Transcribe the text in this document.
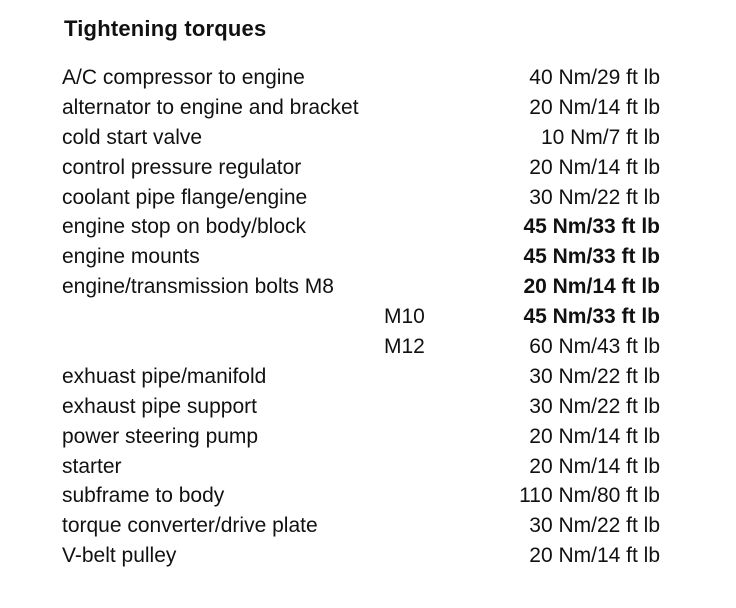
Tightening torques
A/C compressor to engine	40 Nm/29 ft lb
alternator to engine and bracket	20 Nm/14 ft lb
cold start valve	10 Nm/7 ft lb
control pressure regulator	20 Nm/14 ft lb
coolant pipe flange/engine	30 Nm/22 ft lb
engine stop on body/block	45 Nm/33 ft lb
engine mounts	45 Nm/33 ft lb
engine/transmission bolts M8	20 Nm/14 ft lb
M10	45 Nm/33 ft lb
M12	60 Nm/43 ft lb
exhuast pipe/manifold	30 Nm/22 ft lb
exhaust pipe support	30 Nm/22 ft lb
power steering pump	20 Nm/14 ft lb
starter	20 Nm/14 ft lb
subframe to body	110 Nm/80 ft lb
torque converter/drive plate	30 Nm/22 ft lb
V-belt pulley	20 Nm/14 ft lb
